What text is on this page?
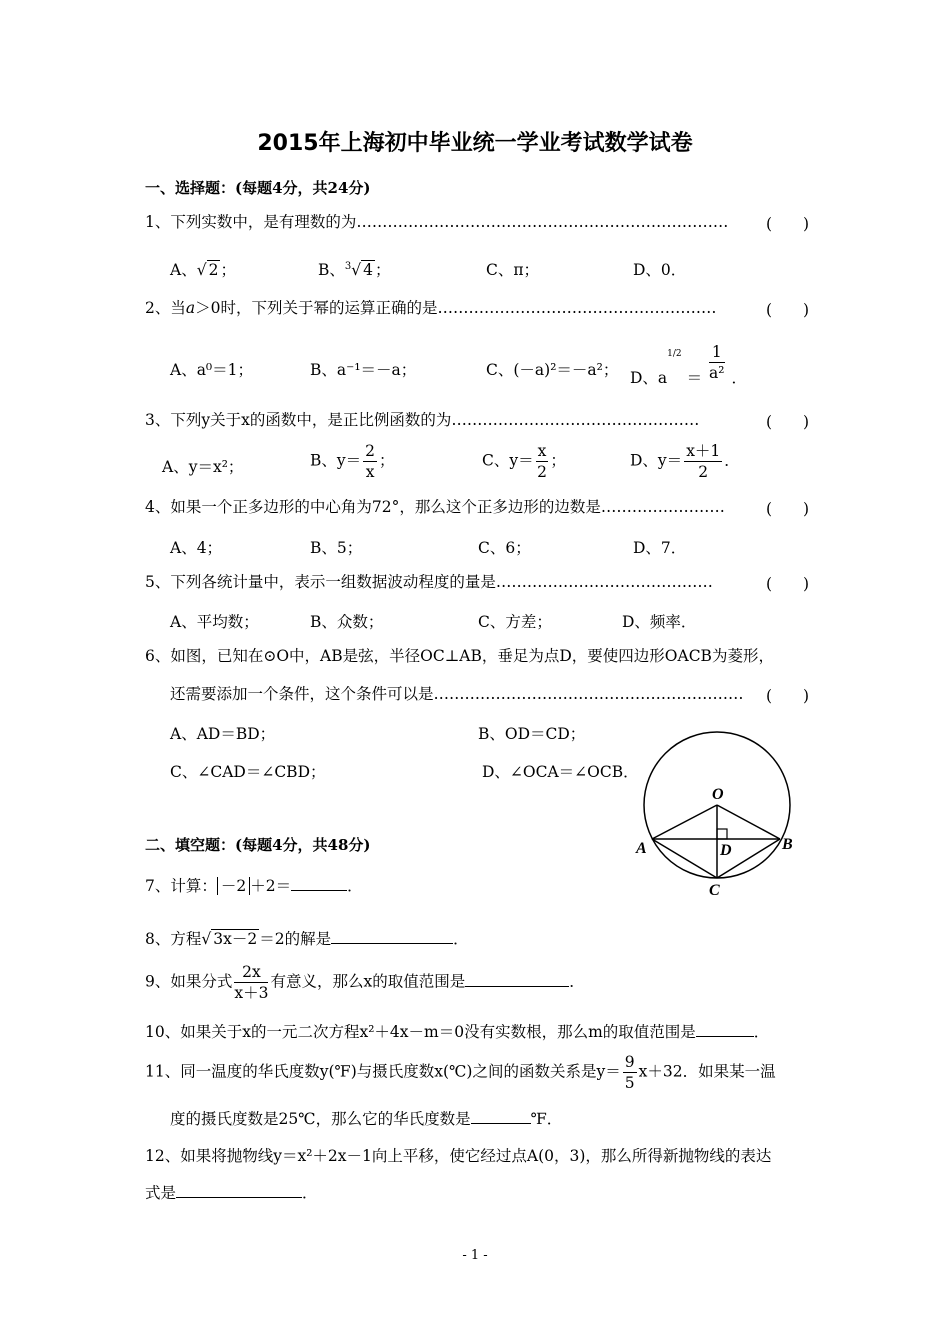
2015年上海初中毕业统一学业考试数学试卷
一、选择题：(每题4分，共24分)
1、下列实数中，是有理数的为……………………………………………………………… (　　)
A、√ 2 ；	B、$^3$√ 4 ；	C、π；	D、0．
2、当a＞0时，下列关于幂的运算正确的是………………………………………………	(　　)
A、a⁰＝1；	B、a⁻¹＝－a；	C、(－a)²＝－a²； D、$a^{1/2} = \frac{1}{\text{a²}}$ ．
3、下列y关于x的函数中，是正比例函数的为…………………………………………	(　　)
A、y＝x²；	B、$y= \frac{2}{x}$ ；	C、$y= \frac{x}{2}$ ；	D、$y= \frac{x+1}{2}$ ．
4、如果一个正多边形的中心角为72°，那么这个正多边形的边数是……………………	(　　)
A、4；	B、5；	C、6；	D、7．
5、下列各统计量中，表示一组数据波动程度的量是……………………………………	(　　)
A、平均数；	B、众数；	C、方差；	D、频率．
6、如图，已知在⊙O中，AB是弦，半径OC⊥AB，垂足为点D，要使四边形OACB为菱形，
还需要添加一个条件，这个条件可以是…………………………………………………… (　　)
A、AD＝BD；	B、OD＝CD；
C、∠CAD＝∠CBD；	D、∠OCA＝∠OCB．
O
A	B
D
C
二、填空题：(每题4分，共48分)
7、计算： －2 ＋2＝	．
8、方程√ 3x－2 ＝2的解是	．
9、如果分式 $\frac{2x}{x+3}$ 有意义，那么x的取值范围是	．
10、如果关于x的一元二次方程x²＋4x－m＝0没有实数根，那么m的取值范围是	．
11、同一温度的华氏度数y(℉)与摄氏度数x(℃)之间的函数关系是$y= \frac{9}{5} x+32$．如果某一温
度的摄氏度数是25℃，那么它的华氏度数是	℉．
12、如果将抛物线y＝x²＋2x－1向上平移，使它经过点A(0，3)，那么所得新抛物线的表达
式是	．
- 1 -
